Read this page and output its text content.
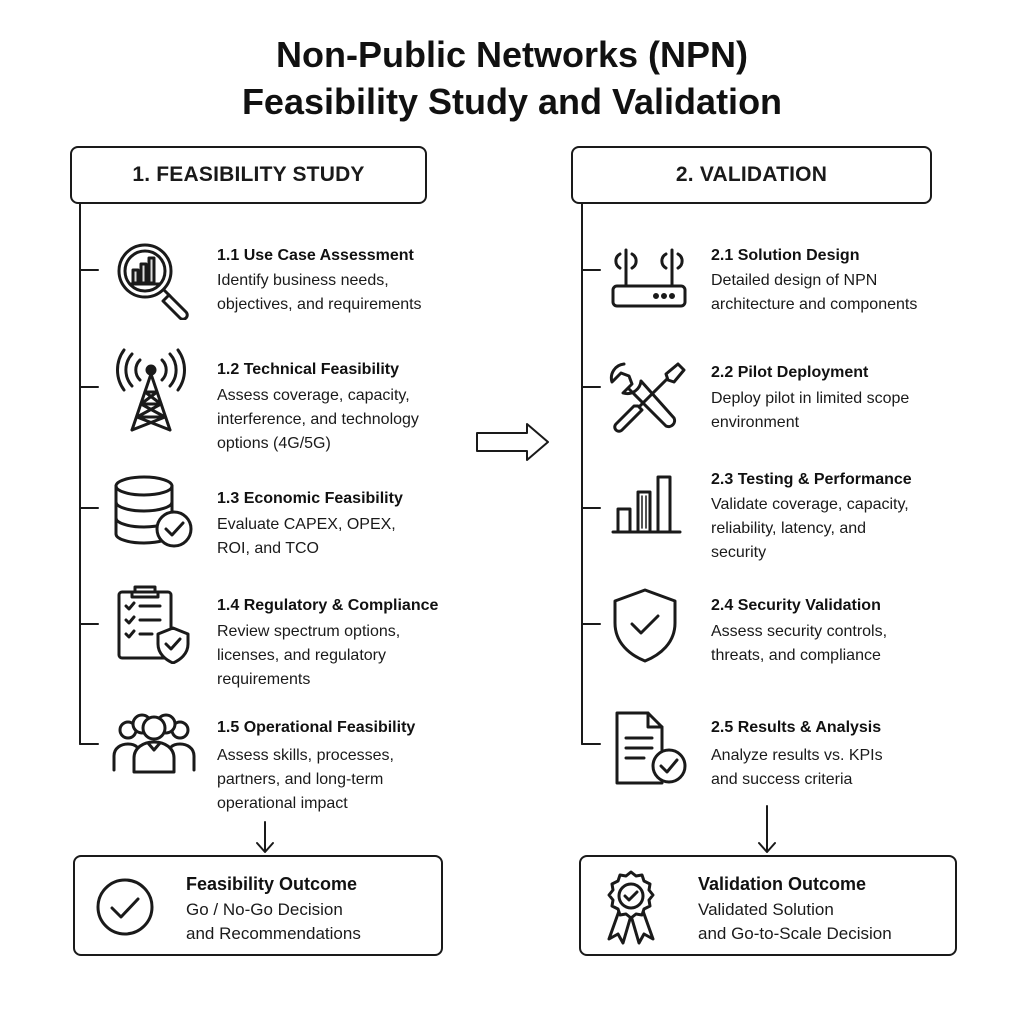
Non-Public Networks (NPN)
Feasibility Study and Validation
1. FEASIBILITY STUDY	2. VALIDATION
1.1 Use Case Assessment
Identify business needs,
objectives, and requirements
1.2 Technical Feasibility
Assess coverage, capacity,
interference, and technology
options (4G/5G)
1.3 Economic Feasibility
Evaluate CAPEX, OPEX,
ROI, and TCO
1.4 Regulatory & Compliance
Review spectrum options,
licenses, and regulatory
requirements
1.5 Operational Feasibility
Assess skills, processes,
partners, and long-term
operational impact
2.1 Solution Design
Detailed design of NPN
architecture and components
2.2 Pilot Deployment
Deploy pilot in limited scope
environment
2.3 Testing & Performance
Validate coverage, capacity,
reliability, latency, and
security
2.4 Security Validation
Assess security controls,
threats, and compliance
2.5 Results & Analysis
Analyze results vs. KPIs
and success criteria
Feasibility Outcome
Go / No-Go Decision
and Recommendations
Validation Outcome
Validated Solution
and Go-to-Scale Decision
